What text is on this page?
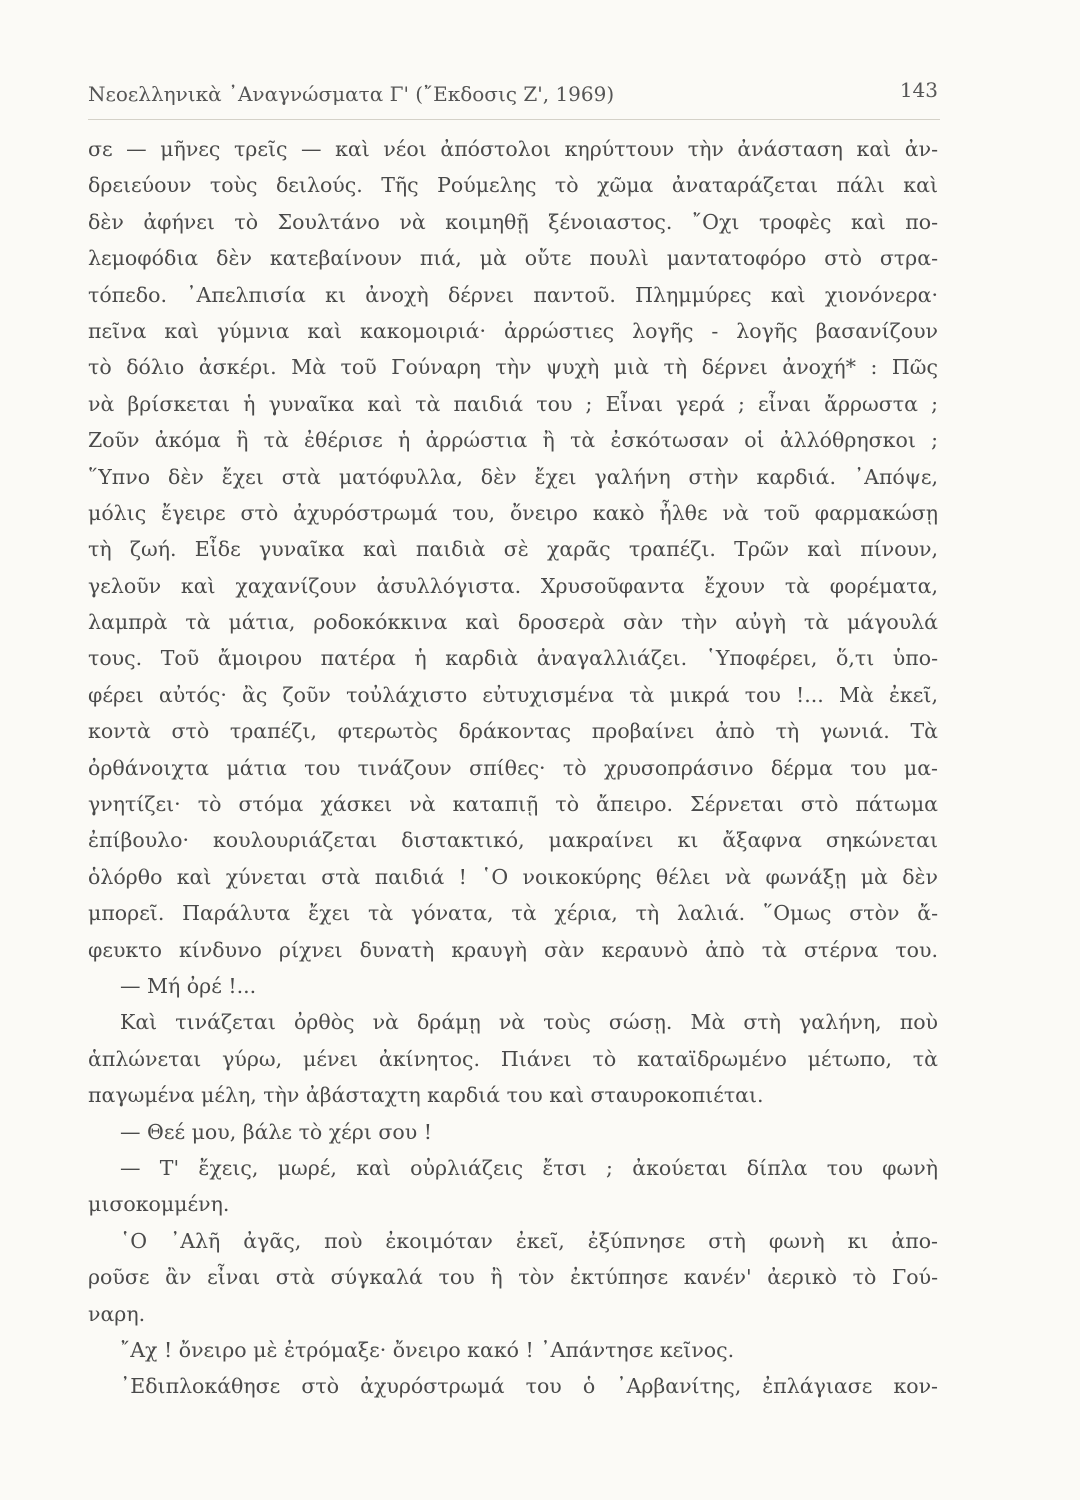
Νεοελληνικὰ ᾿Αναγνώσματα Γ' (῎Εκδοσις Ζ', 1969)	143
σε — μῆνες τρεῖς — καὶ νέοι ἀπόστολοι κηρύττουν τὴν ἀνάσταση καὶ ἀν-
δρειεύουν τοὺς δειλούς. Τῆς Ρούμελης τὸ χῶμα ἀναταράζεται πάλι καὶ
δὲν ἀφήνει τὸ Σουλτάνο νὰ κοιμηθῇ ξένοιαστος. ῎Οχι τροφὲς καὶ πο-
λεμοφόδια δὲν κατεβαίνουν πιά, μὰ οὔτε πουλὶ μαντατοφόρο στὸ στρα-
τόπεδο. ᾿Απελπισία κι ἀνοχὴ δέρνει παντοῦ. Πλημμύρες καὶ χιονόνερα·
πεῖνα καὶ γύμνια καὶ κακομοιριά· ἀρρώστιες λογῆς - λογῆς βασανίζουν
τὸ δόλιο ἀσκέρι. Μὰ τοῦ Γούναρη τὴν ψυχὴ μιὰ τὴ δέρνει ἀνοχή* : Πῶς
νὰ βρίσκεται ἡ γυναῖκα καὶ τὰ παιδιά του ; Εἶναι γερά ; εἶναι ἄρρωστα ;
Ζοῦν ἀκόμα ἢ τὰ ἐθέρισε ἡ ἀρρώστια ἢ τὰ ἐσκότωσαν οἱ ἀλλόθρησκοι ;
῞Υπνο δὲν ἔχει στὰ ματόφυλλα, δὲν ἔχει γαλήνη στὴν καρδιά. ᾿Απόψε,
μόλις ἔγειρε στὸ ἀχυρόστρωμά του, ὄνειρο κακὸ ἦλθε νὰ τοῦ φαρμακώσῃ
τὴ ζωή. Εἶδε γυναῖκα καὶ παιδιὰ σὲ χαρᾶς τραπέζι. Τρῶν καὶ πίνουν,
γελοῦν καὶ χαχανίζουν ἀσυλλόγιστα. Χρυσοῦφαντα ἔχουν τὰ φορέματα,
λαμπρὰ τὰ μάτια, ροδοκόκκινα καὶ δροσερὰ σὰν τὴν αὐγὴ τὰ μάγουλά
τους. Τοῦ ἄμοιρου πατέρα ἡ καρδιὰ ἀναγαλλιάζει. ῾Υποφέρει, ὅ,τι ὑπο-
φέρει αὐτός· ἂς ζοῦν τοὐλάχιστο εὐτυχισμένα τὰ μικρά του !... Μὰ ἐκεῖ,
κοντὰ στὸ τραπέζι, φτερωτὸς δράκοντας προβαίνει ἀπὸ τὴ γωνιά. Τὰ
ὀρθάνοιχτα μάτια του τινάζουν σπίθες· τὸ χρυσοπράσινο δέρμα του μα-
γνητίζει· τὸ στόμα χάσκει νὰ καταπιῇ τὸ ἄπειρο. Σέρνεται στὸ πάτωμα
ἐπίβουλο· κουλουριάζεται διστακτικό, μακραίνει κι ἄξαφνα σηκώνεται
ὁλόρθο καὶ χύνεται στὰ παιδιά ! ῾Ο νοικοκύρης θέλει νὰ φωνάξῃ μὰ δὲν
μπορεῖ. Παράλυτα ἔχει τὰ γόνατα, τὰ χέρια, τὴ λαλιά. ῞Ομως στὸν ἄ-
φευκτο κίνδυνο ρίχνει δυνατὴ κραυγὴ σὰν κεραυνὸ ἀπὸ τὰ στέρνα του.
— Μή ὀρέ !...
Καὶ τινάζεται ὀρθὸς νὰ δράμῃ νὰ τοὺς σώσῃ. Μὰ στὴ γαλήνη, ποὺ
ἁπλώνεται γύρω, μένει ἀκίνητος. Πιάνει τὸ καταϊδρωμένο μέτωπο, τὰ
παγωμένα μέλη, τὴν ἀβάσταχτη καρδιά του καὶ σταυροκοπιέται.
— Θεέ μου, βάλε τὸ χέρι σου !
— Τ' ἔχεις, μωρέ, καὶ οὐρλιάζεις ἔτσι ; ἀκούεται δίπλα του φωνὴ
μισοκομμένη.
῾Ο ᾿Αλῆ ἀγᾶς, ποὺ ἐκοιμόταν ἐκεῖ, ἐξύπνησε στὴ φωνὴ κι ἀπο-
ροῦσε ἂν εἶναι στὰ σύγκαλά του ἢ τὸν ἐκτύπησε κανέν' ἀερικὸ τὸ Γού-
ναρη.
῎Αχ ! ὄνειρο μὲ ἐτρόμαξε· ὄνειρο κακό ! ᾿Απάντησε κεῖνος.
᾿Εδιπλοκάθησε στὸ ἀχυρόστρωμά του ὁ ᾿Αρβανίτης, ἐπλάγιασε κον-
